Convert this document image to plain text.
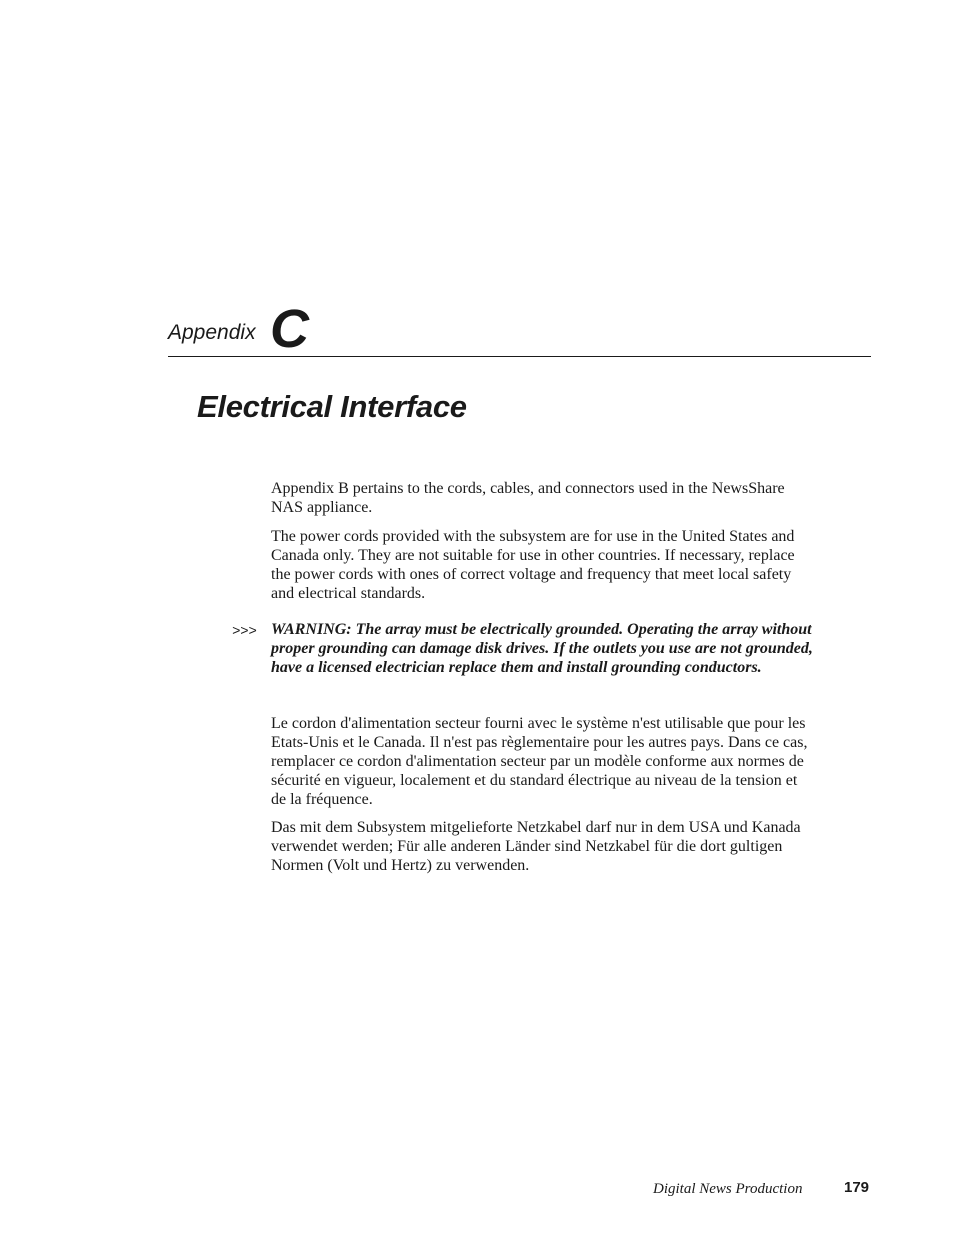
Appendix C
Electrical Interface

Appendix B pertains to the cords, cables, and connectors used in the NewsShare NAS appliance.

The power cords provided with the subsystem are for use in the United States and Canada only. They are not suitable for use in other countries. If necessary, replace the power cords with ones of correct voltage and frequency that meet local safety and electrical standards.

>>> WARNING: The array must be electrically grounded. Operating the array without proper grounding can damage disk drives. If the outlets you use are not grounded, have a licensed electrician replace them and install grounding conductors.

Le cordon d'alimentation secteur fourni avec le système n'est utilisable que pour les Etats-Unis et le Canada. Il n'est pas règlementaire pour les autres pays. Dans ce cas, remplacer ce cordon d'alimentation secteur par un modèle conforme aux normes de sécurité en vigueur, localement et du standard électrique au niveau de la tension et de la fréquence.

Das mit dem Subsystem mitgelieforte Netzkabel darf nur in dem USA und Kanada verwendet werden; Für alle anderen Länder sind Netzkabel für die dort gultigen Normen (Volt und Hertz) zu verwenden.

Digital News Production	179
